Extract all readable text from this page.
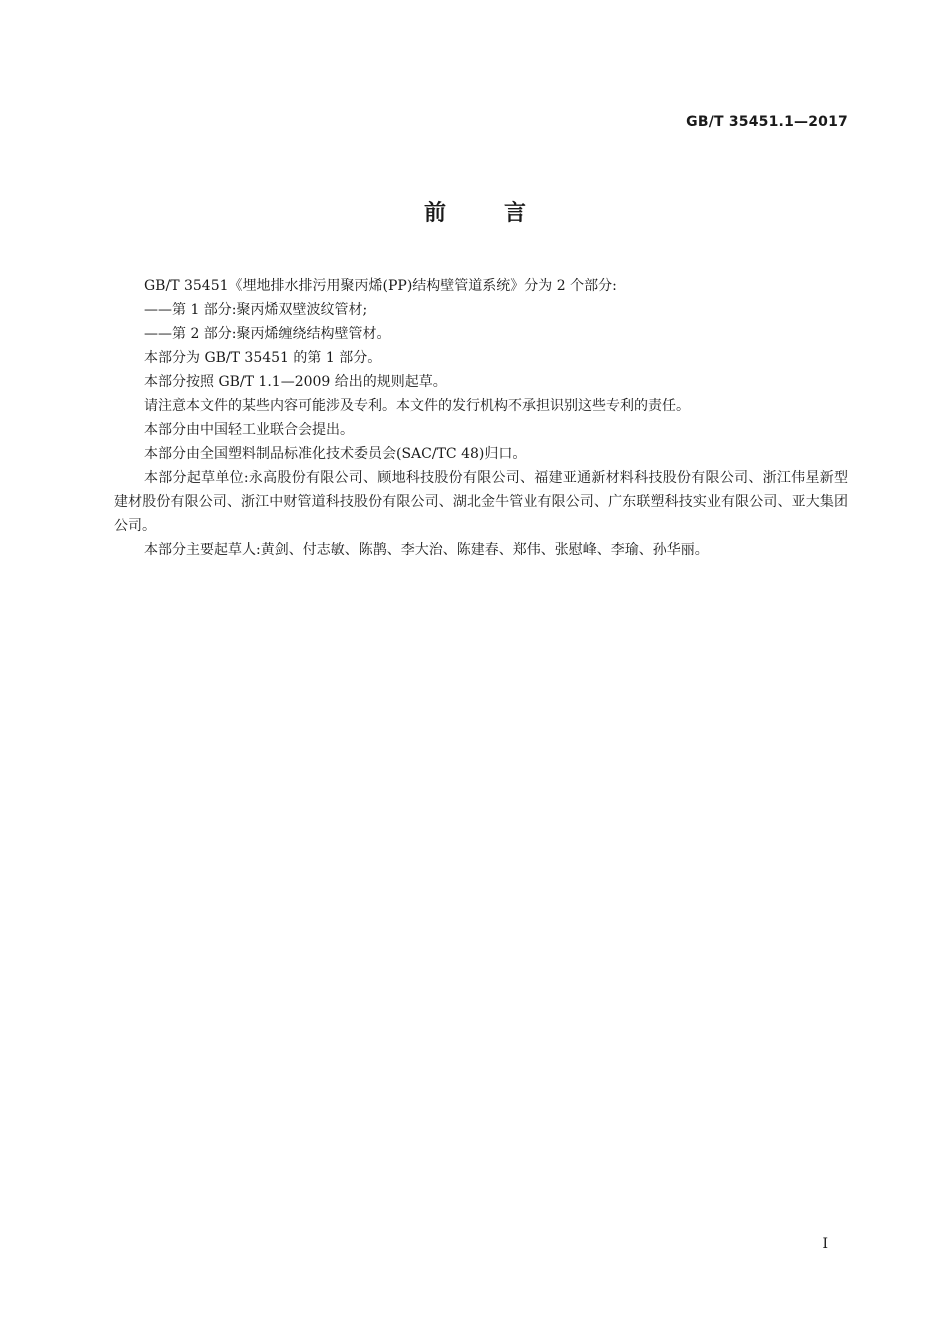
GB/T 35451.1—2017
前言

GB/T 35451《埋地排水排污用聚丙烯(PP)结构壁管道系统》分为 2 个部分:

——第 1 部分:聚丙烯双壁波纹管材;

——第 2 部分:聚丙烯缠绕结构壁管材。

本部分为 GB/T 35451 的第 1 部分。

本部分按照 GB/T 1.1—2009 给出的规则起草。

请注意本文件的某些内容可能涉及专利。本文件的发行机构不承担识别这些专利的责任。

本部分由中国轻工业联合会提出。

本部分由全国塑料制品标准化技术委员会(SAC/TC 48)归口。

本部分起草单位:永高股份有限公司、顾地科技股份有限公司、福建亚通新材料科技股份有限公司、浙江伟星新型建材股份有限公司、浙江中财管道科技股份有限公司、湖北金牛管业有限公司、广东联塑科技实业有限公司、亚大集团公司。

本部分主要起草人:黄剑、付志敏、陈鹊、李大治、陈建春、郑伟、张慰峰、李瑜、孙华丽。

I
